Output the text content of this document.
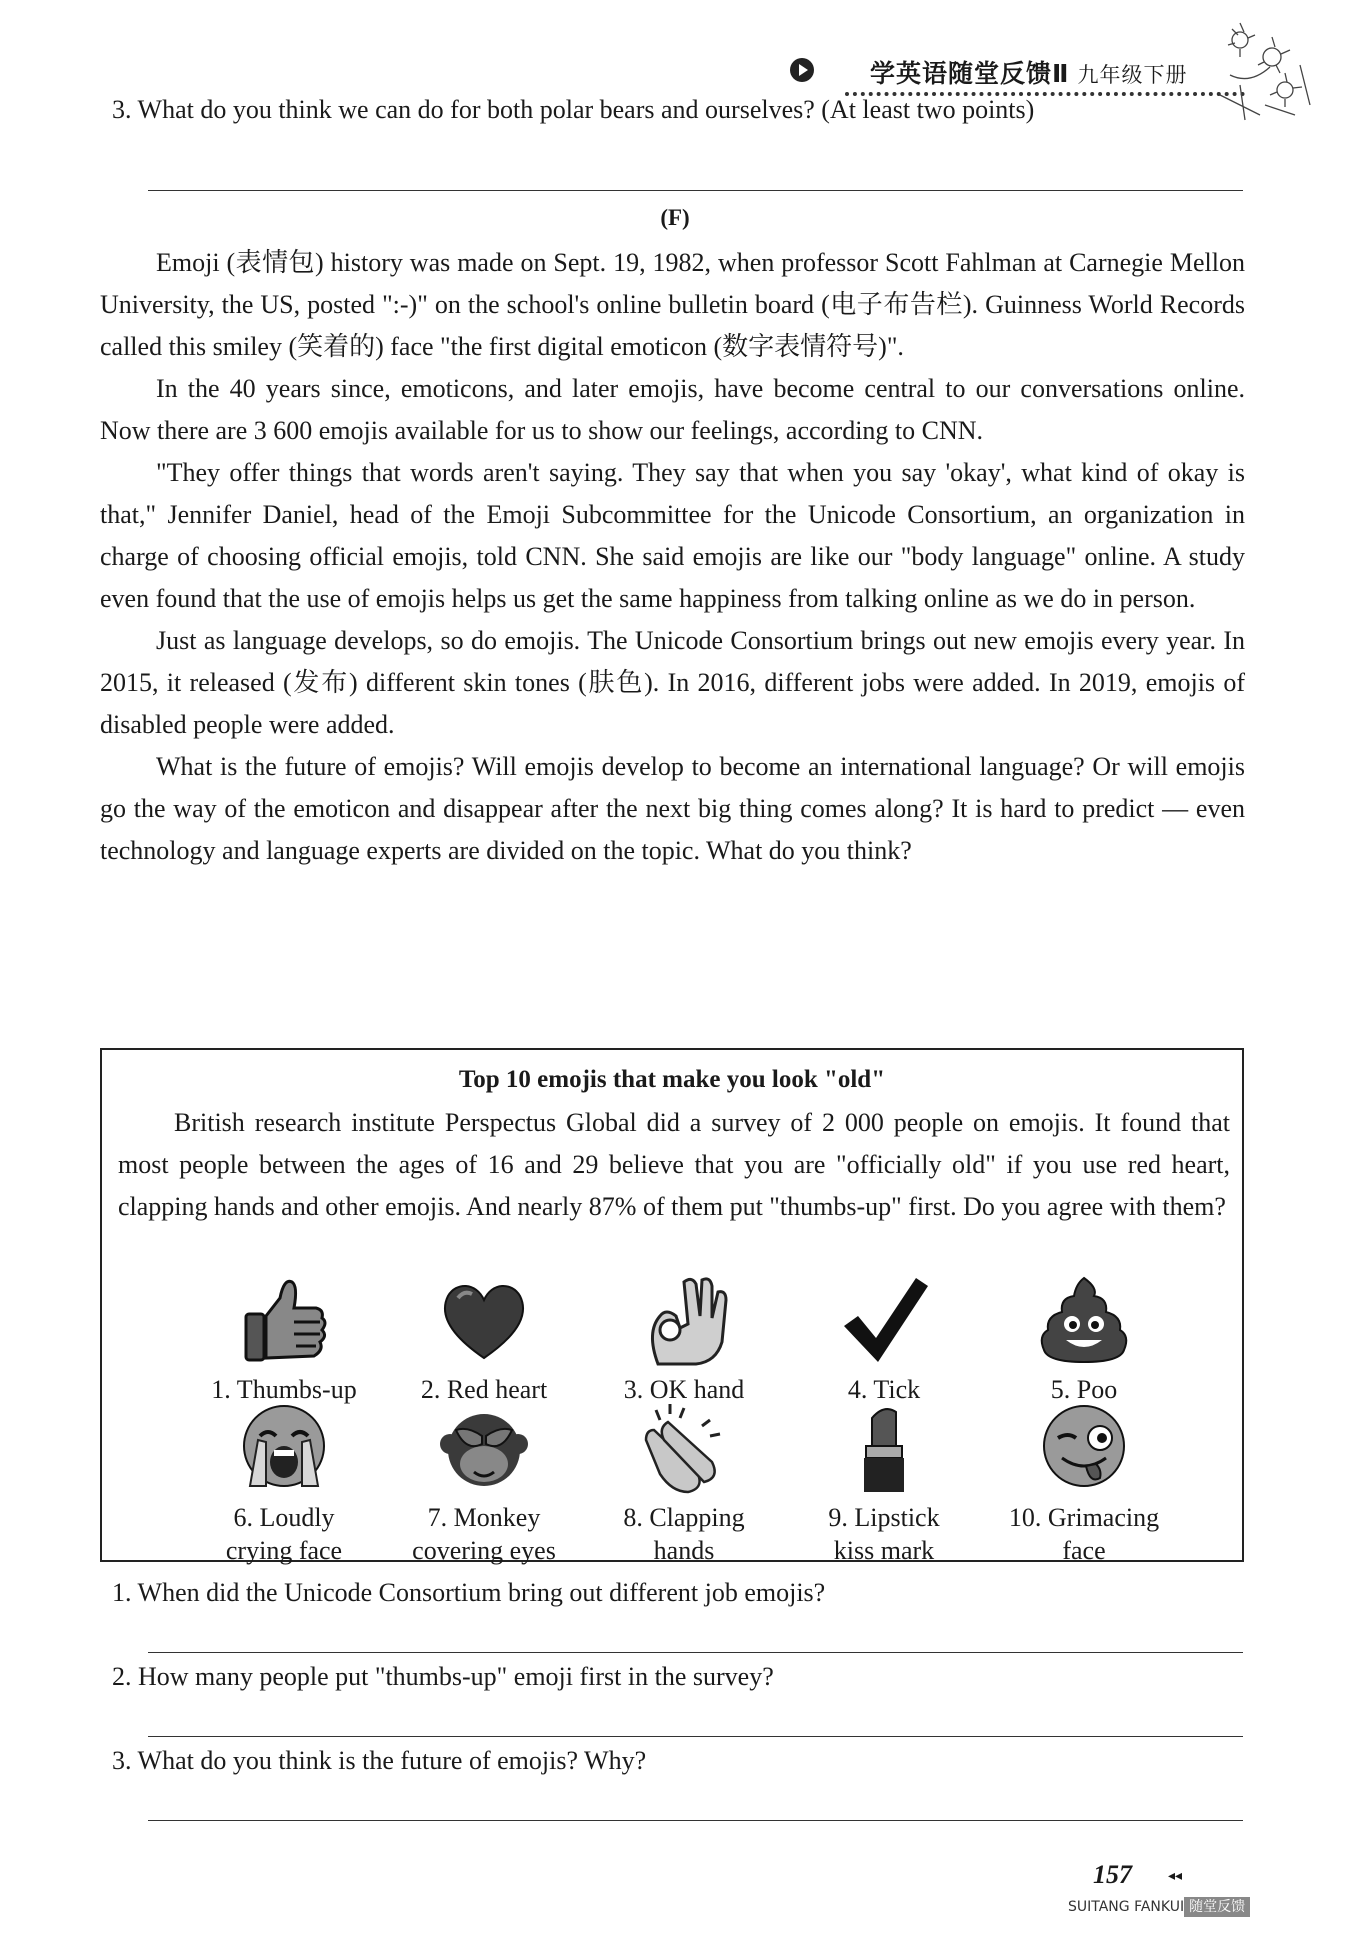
学英语随堂反馈Ⅱ 九年级下册
3. What do you think we can do for both polar bears and ourselves? (At least two points)
(F)

Emoji (表情包) history was made on Sept. 19, 1982, when professor Scott Fahlman at Carnegie Mellon University, the US, posted ":-)" on the school's online bulletin board (电子布告栏). Guinness World Records called this smiley (笑着的) face "the first digital emoticon (数字表情符号)".

In the 40 years since, emoticons, and later emojis, have become central to our conversations online. Now there are 3 600 emojis available for us to show our feelings, according to CNN.

"They offer things that words aren't saying. They say that when you say 'okay', what kind of okay is that," Jennifer Daniel, head of the Emoji Subcommittee for the Unicode Consortium, an organization in charge of choosing official emojis, told CNN. She said emojis are like our "body language" online. A study even found that the use of emojis helps us get the same happiness from talking online as we do in person.

Just as language develops, so do emojis. The Unicode Consortium brings out new emojis every year. In 2015, it released (发布) different skin tones (肤色). In 2016, different jobs were added. In 2019, emojis of disabled people were added.

What is the future of emojis? Will emojis develop to become an international language? Or will emojis go the way of the emoticon and disappear after the next big thing comes along? It is hard to predict — even technology and language experts are divided on the topic. What do you think?

Top 10 emojis that make you look "old"
British research institute Perspectus Global did a survey of 2 000 people on emojis. It found that most people between the ages of 16 and 29 believe that you are "officially old" if you use red heart, clapping hands and other emojis. And nearly 87% of them put "thumbs-up" first. Do you agree with them?
1. Thumbs-up	2. Red heart	3. OK hand	4. Tick	5. Poo
6. Loudly
crying face
7. Monkey
covering eyes
8. Clapping
hands
9. Lipstick
kiss mark
10. Grimacing
face
1. When did the Unicode Consortium bring out different job emojis?
2. How many people put "thumbs-up" emoji first in the survey?
3. What do you think is the future of emojis? Why?
157	◂◂
SUITANG FANKUI 随堂反馈
